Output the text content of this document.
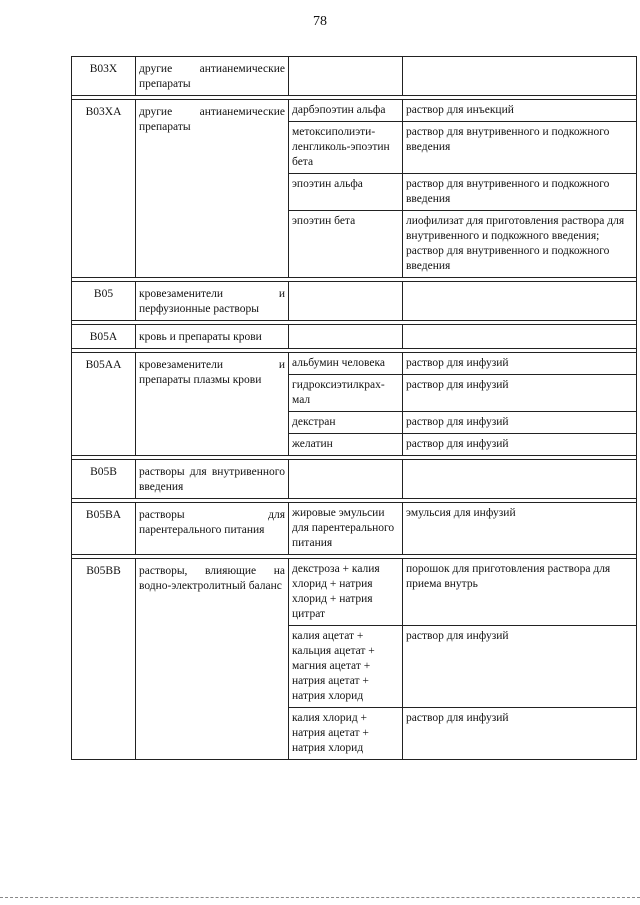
78
B03X	другие антианемические препараты		

B03XA	другие антианемические препараты	дарбэпоэтин альфа	раствор для инъекций
		метоксиполиэти-ленгликоль-эпоэтин бета	раствор для внутривенного и подкожного введения
		эпоэтин альфа	раствор для внутривенного и подкожного введения
		эпоэтин бета	лиофилизат для приготовления раствора для внутривенного и подкожного введения; раствор для внутривенного и подкожного введения

B05	кровезаменители и перфузионные растворы		

B05A	кровь и препараты крови		

B05AA	кровезаменители и препараты плазмы крови	альбумин человека	раствор для инфузий
		гидроксиэтилкрах-мал	раствор для инфузий
		декстран	раствор для инфузий
		желатин	раствор для инфузий

B05B	растворы для внутривенного введения		

B05BA	растворы для парентерального питания	жировые эмульсии для парентерального питания	эмульсия для инфузий

B05BB	растворы, влияющие на водно-электролитный баланс	декстроза + калия хлорид + натрия хлорид + натрия цитрат	порошок для приготовления раствора для приема внутрь
		калия ацетат + кальция ацетат + магния ацетат + натрия ацетат + натрия хлорид	раствор для инфузий
		калия хлорид + натрия ацетат + натрия хлорид	раствор для инфузий
